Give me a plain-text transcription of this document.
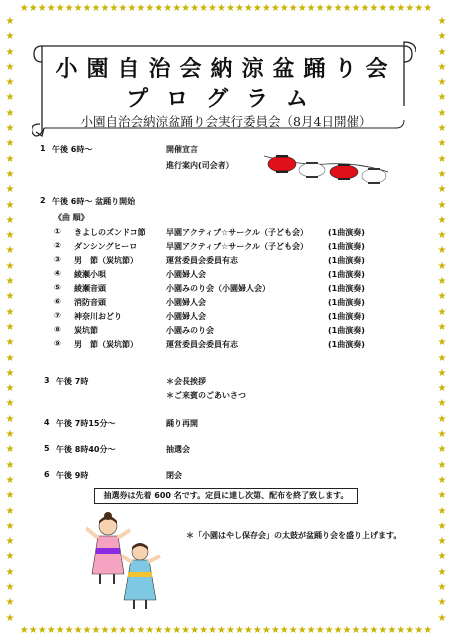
★★★★★★★★★★★★★★★★★★★★★★★★★★★★★★★★★★★★★★★★★★★★★★
★★★★★★★★★★★★★★★★★★★★★★★★★★★★★★★★★★★★★★★★★★★★★★
★
★
★
★
★
★
★
★
★
★
★
★
★
★
★
★
★
★
★
★
★
★
★
★
★
★
★
★
★
★
★
★
★
★
★
★
★
★
★
★
★
★
★
★
★
★
★
★
★
★
★
★
★
★
★
★
★
★
★
★
★
★
★
★
★
★
★
★
★
★
★
★
★
★
★
★
★
★
★
★
小園自治会納涼盆踊り会
プログラム
小園自治会納涼盆踊り会実行委員会（8月4日開催）
1 午後 6時～	開催宣言
進行案内(司会者）
2 午後 6時～ 盆踊り開始
《曲 順》
① きよしのズンドコ節	早園アクティブ☆サークル（子ども会） (1曲演奏)
② ダンシングヒーロ	早園アクティブ☆サークル（子ども会） (1曲演奏)
③ 男　節（炭坑節）	運営委員会委員有志	(1曲演奏)
④ 綾瀬小唄	小園婦人会	(1曲演奏)
⑤ 綾瀬音頭	小園みのり会（小園婦人会）	(1曲演奏)
⑥ 消防音頭	小園婦人会	(1曲演奏)
⑦ 神奈川おどり	小園婦人会	(1曲演奏)
⑧ 炭坑節	小園みのり会	(1曲演奏)
⑨ 男　節（炭坑節）	運営委員会委員有志	(1曲演奏)
3 午後 7時	＊会長挨拶
＊ご来賓のごあいさつ
4 午後 7時15分～	踊り再開
5 午後 8時40分～	抽選会
6 午後 9時	閉会
抽選券は先着 600 名です。定員に達し次第、配布を終了致します。
＊「小園はやし保存会」の太鼓が盆踊り会を盛り上げます。
